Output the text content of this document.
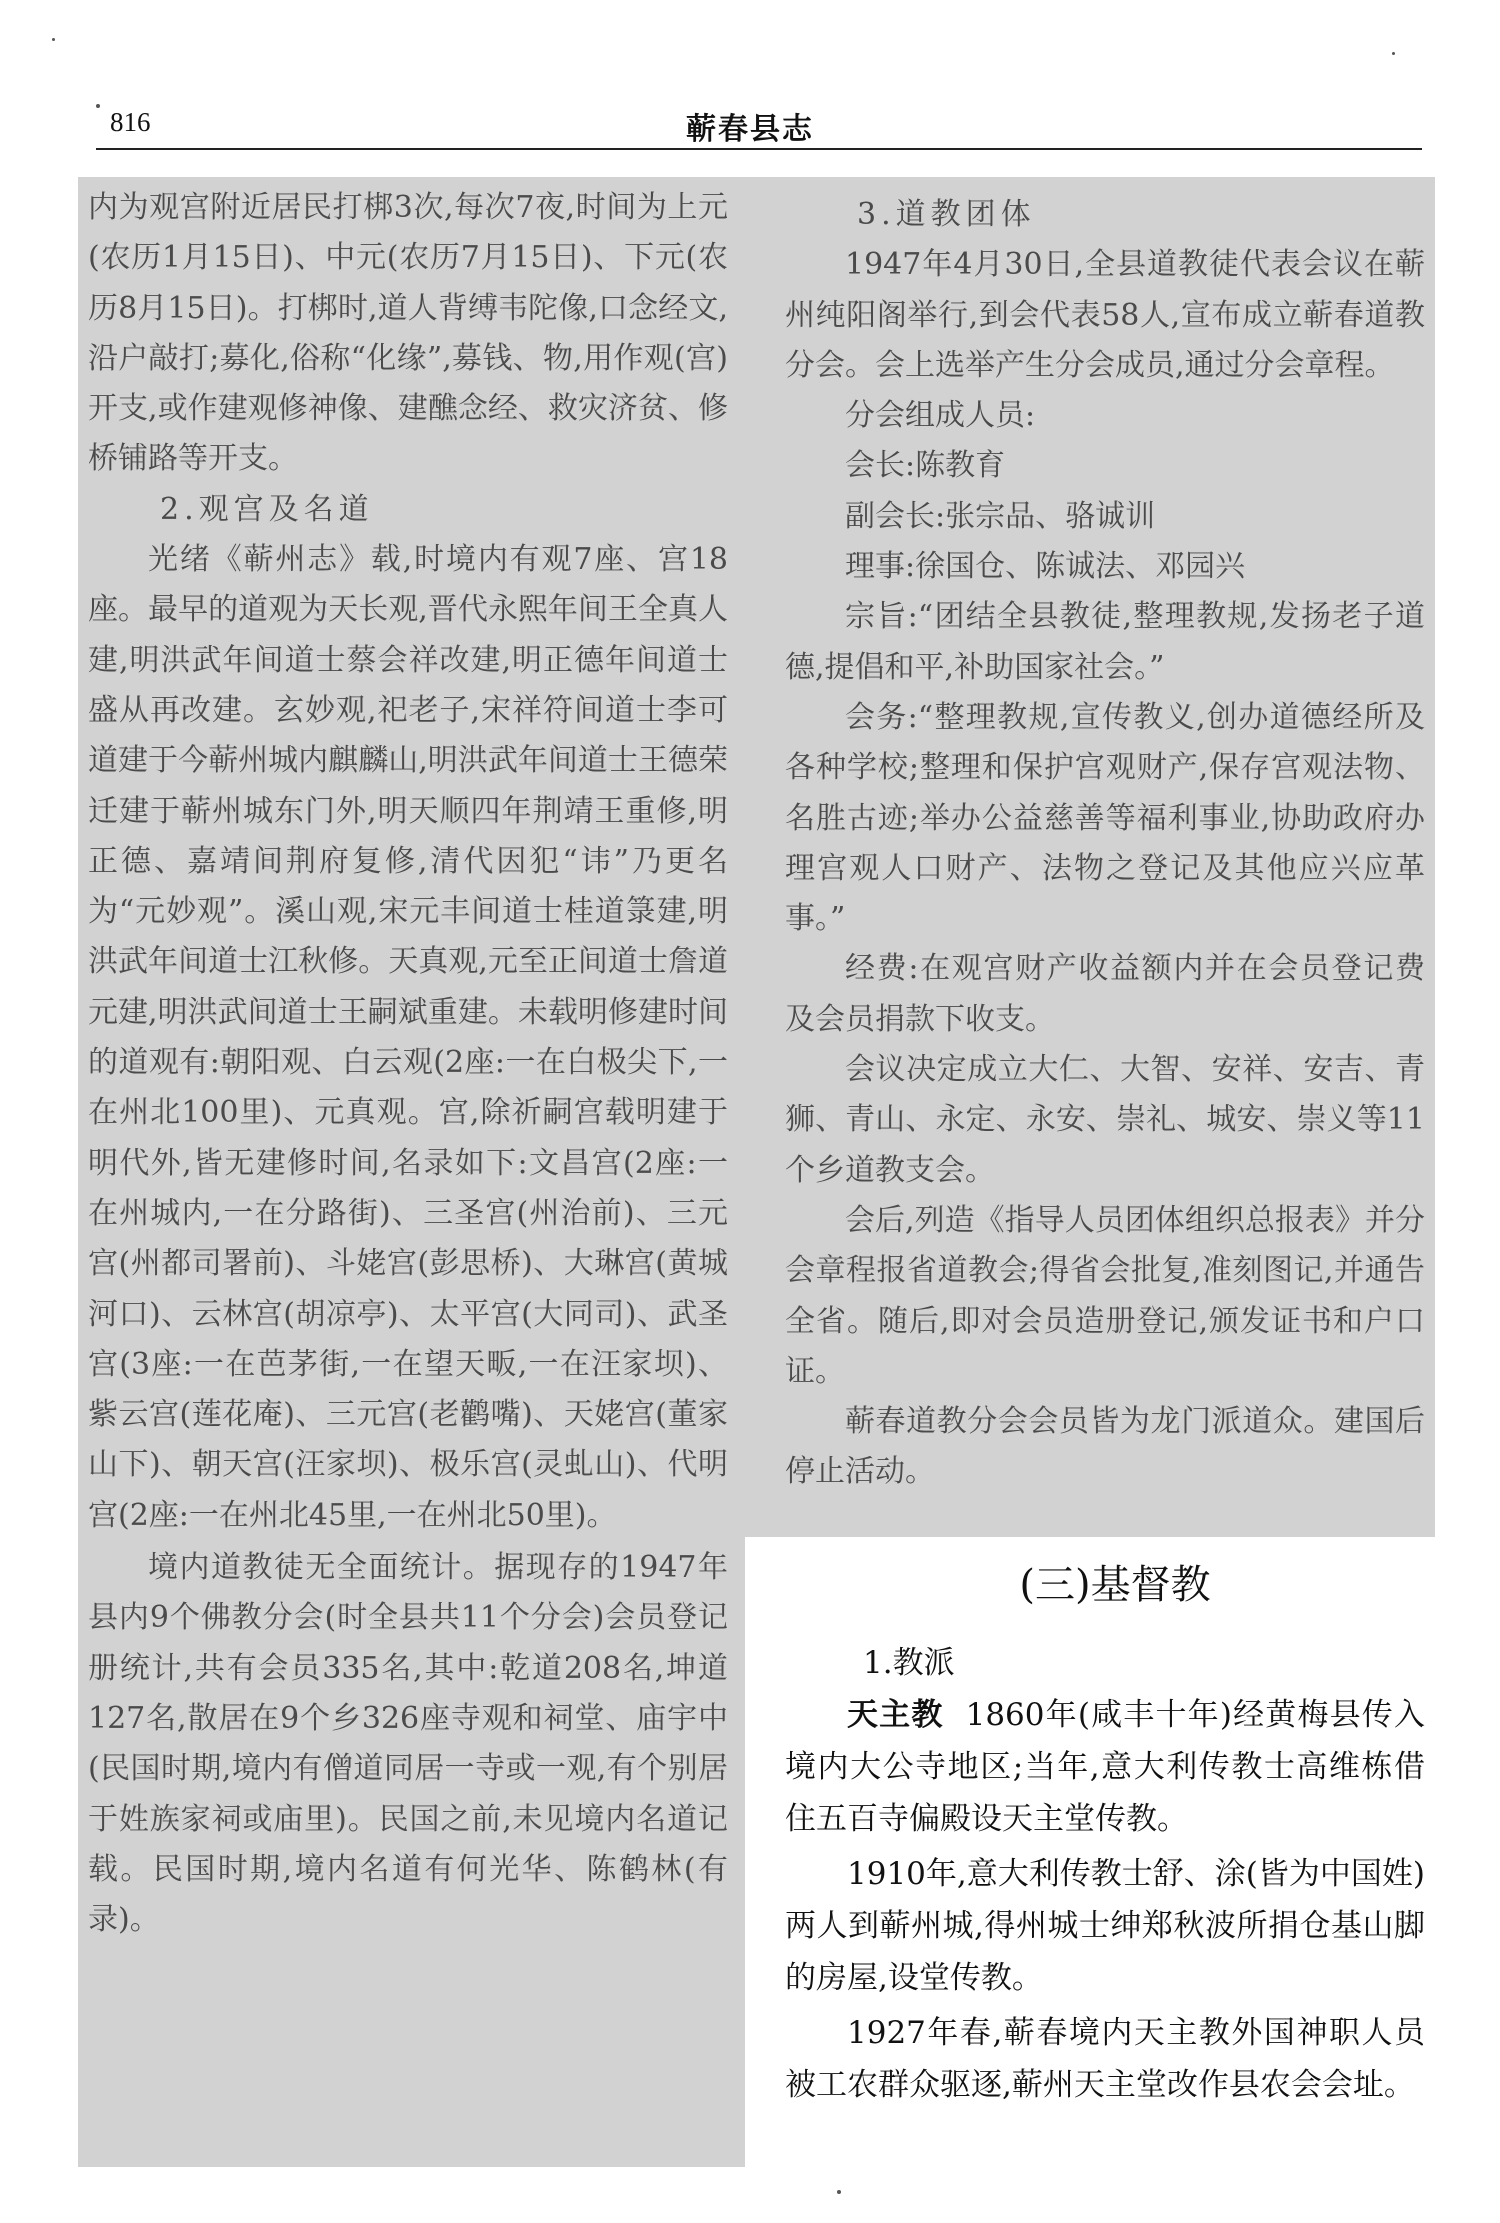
816	蕲春县志

内为观宫附近居民打梆3次,每次7夜,时间为上元(农历1月15日)、中元(农历7月15日)、下元(农历8月15日)。打梆时,道人背缚韦陀像,口念经文,沿户敲打;募化,俗称“化缘”,募钱、物,用作观(宫)开支,或作建观修神像、建醮念经、救灾济贫、修桥铺路等开支。

2.观宫及名道

光绪《蕲州志》载,时境内有观7座、宫18座。最早的道观为天长观,晋代永熙年间王全真人建,明洪武年间道士蔡会祥改建,明正德年间道士盛从再改建。玄妙观,祀老子,宋祥符间道士李可道建于今蕲州城内麒麟山,明洪武年间道士王德荣迁建于蕲州城东门外,明天顺四年荆靖王重修,明正德、嘉靖间荆府复修,清代因犯“讳”乃更名为“元妙观”。溪山观,宋元丰间道士桂道箓建,明洪武年间道士江秋修。天真观,元至正间道士詹道元建,明洪武间道士王嗣斌重建。未载明修建时间的道观有:朝阳观、白云观(2座:一在白极尖下,一在州北100里)、元真观。宫,除祈嗣宫载明建于明代外,皆无建修时间,名录如下:文昌宫(2座:一在州城内,一在分路街)、三圣宫(州治前)、三元宫(州都司署前)、斗姥宫(彭思桥)、大琳宫(黄城河口)、云林宫(胡凉亭)、太平宫(大同司)、武圣宫(3座:一在芭茅街,一在望天畈,一在汪家坝)、紫云宫(莲花庵)、三元宫(老鹳嘴)、天姥宫(董家山下)、朝天宫(汪家坝)、极乐宫(灵虬山)、代明宫(2座:一在州北45里,一在州北50里)。

境内道教徒无全面统计。据现存的1947年县内9个佛教分会(时全县共11个分会)会员登记册统计,共有会员335名,其中:乾道208名,坤道127名,散居在9个乡326座寺观和祠堂、庙宇中(民国时期,境内有僧道同居一寺或一观,有个别居于姓族家祠或庙里)。民国之前,未见境内名道记载。民国时期,境内名道有何光华、陈鹤林(有录)。

3.道教团体

1947年4月30日,全县道教徒代表会议在蕲州纯阳阁举行,到会代表58人,宣布成立蕲春道教分会。会上选举产生分会成员,通过分会章程。

分会组成人员:

会长:陈教育

副会长:张宗品、骆诚训

理事:徐国仓、陈诚法、邓园兴

宗旨:“团结全县教徒,整理教规,发扬老子道德,提倡和平,补助国家社会。”

会务:“整理教规,宣传教义,创办道德经所及各种学校;整理和保护宫观财产,保存宫观法物、名胜古迹;举办公益慈善等福利事业,协助政府办理宫观人口财产、法物之登记及其他应兴应革事。”

经费:在观宫财产收益额内并在会员登记费及会员捐款下收支。

会议决定成立大仁、大智、安祥、安吉、青狮、青山、永定、永安、崇礼、城安、崇义等11个乡道教支会。

会后,列造《指导人员团体组织总报表》并分会章程报省道教会;得省会批复,准刻图记,并通告全省。随后,即对会员造册登记,颁发证书和户口证。

蕲春道教分会会员皆为龙门派道众。建国后停止活动。

(三)基督教

1.教派

天主教 1860年(咸丰十年)经黄梅县传入境内大公寺地区;当年,意大利传教士高维栋借住五百寺偏殿设天主堂传教。

1910年,意大利传教士舒、涂(皆为中国姓)两人到蕲州城,得州城士绅郑秋波所捐仓基山脚的房屋,设堂传教。

1927年春,蕲春境内天主教外国神职人员被工农群众驱逐,蕲州天主堂改作县农会会址。
